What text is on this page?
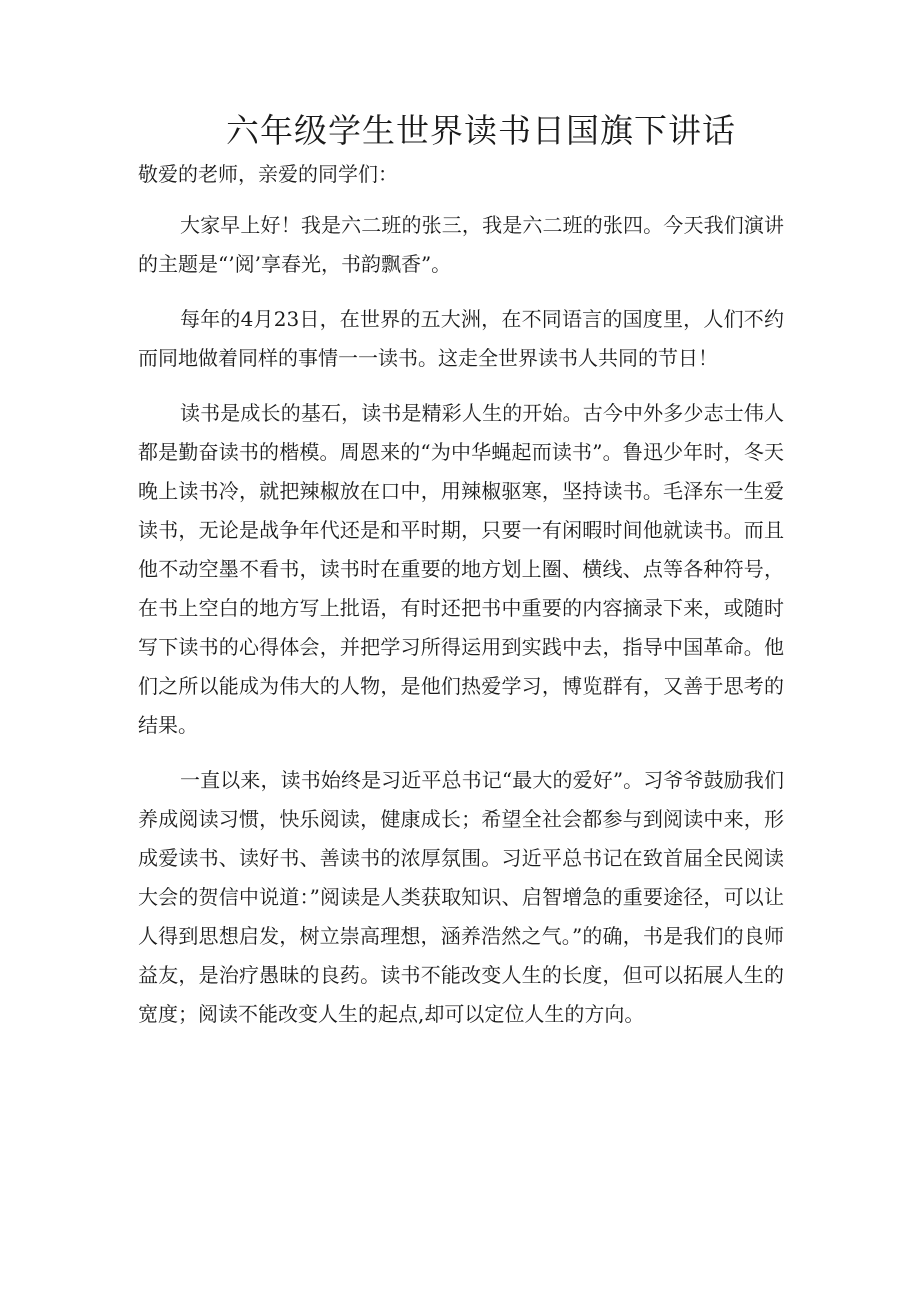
六年级学生世界读书日国旗下讲话

敬爱的老师，亲爱的同学们：

大家早上好！我是六二班的张三，我是六二班的张四。今天我们演讲的主题是“’阅’享春光，书韵飘香”。

每年的4月23日，在世界的五大洲，在不同语言的国度里，人们不约而同地做着同样的事情一一读书。这走全世界读书人共同的节日！

读书是成长的基石，读书是精彩人生的开始。古今中外多少志士伟人都是勤奋读书的楷模。周恩来的“为中华蝇起而读书”。鲁迅少年时，冬天晚上读书冷，就把辣椒放在口中，用辣椒驱寒，坚持读书。毛泽东一生爱读书，无论是战争年代还是和平时期，只要一有闲暇时间他就读书。而且他不动空墨不看书，读书时在重要的地方划上圈、横线、点等各种符号，在书上空白的地方写上批语，有时还把书中重要的内容摘录下来，或随时写下读书的心得体会，并把学习所得运用到实践中去，指导中国革命。他们之所以能成为伟大的人物，是他们热爱学习，博览群有，又善于思考的结果。

一直以来，读书始终是习近平总书记“最大的爱好”。习爷爷鼓励我们养成阅读习惯，快乐阅读，健康成长；希望全社会都参与到阅读中来，形成爱读书、读好书、善读书的浓厚氛围。习近平总书记在致首届全民阅读大会的贺信中说道：”阅读是人类获取知识、启智增急的重要途径，可以让人得到思想启发，树立崇高理想，涵养浩然之气。”的确，书是我们的良师益友，是治疗愚昧的良药。读书不能改变人生的长度，但可以拓展人生的宽度；阅读不能改变人生的起点,却可以定位人生的方向。
